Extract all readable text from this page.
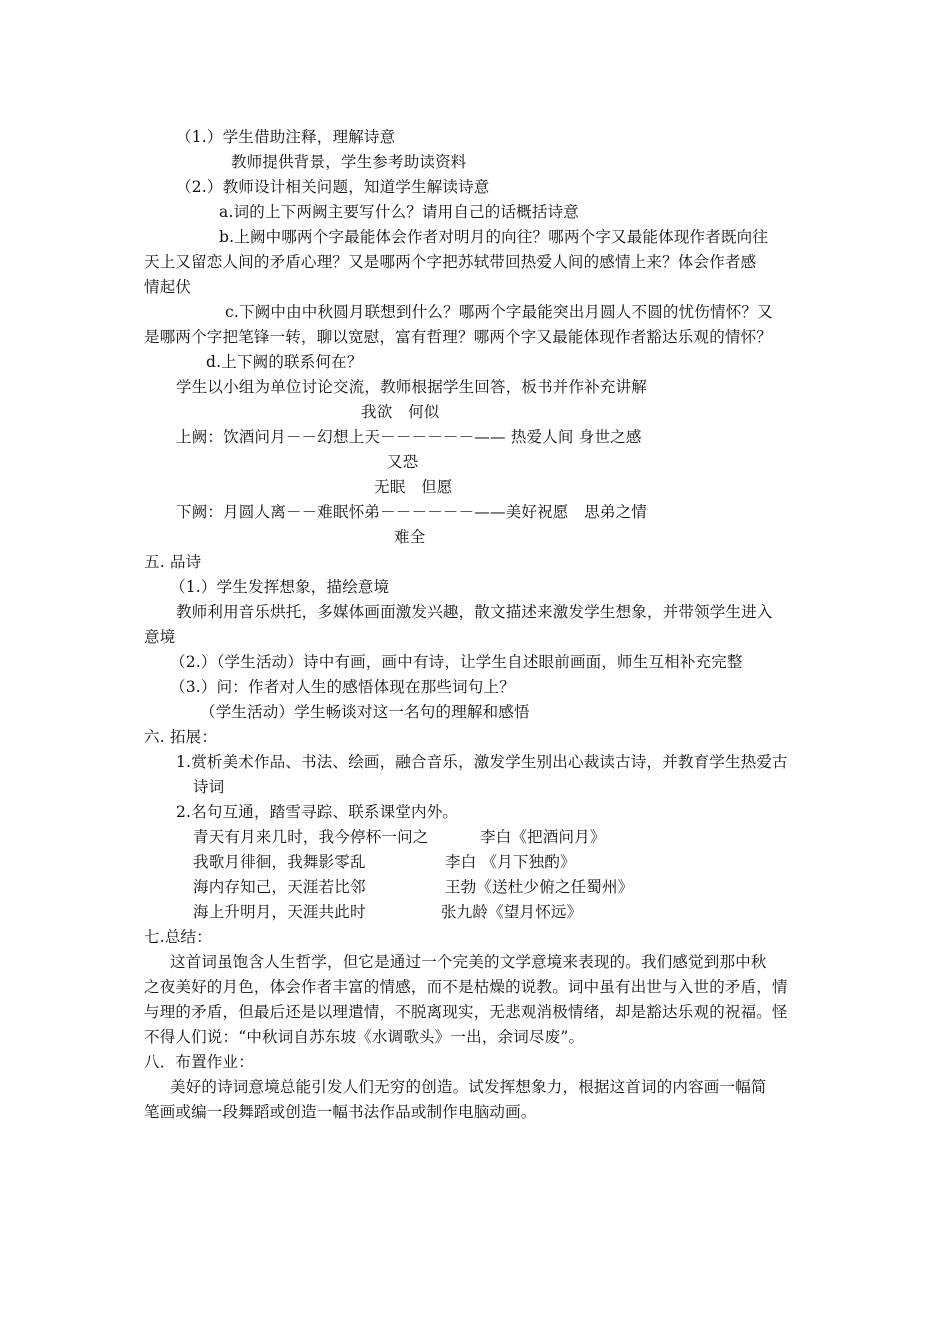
（1.）学生借助注释，理解诗意
教师提供背景，学生参考助读资料
（2.）教师设计相关问题，知道学生解读诗意
a.词的上下两阙主要写什么？请用自己的话概括诗意
b.上阙中哪两个字最能体会作者对明月的向往？哪两个字又最能体现作者既向往
天上又留恋人间的矛盾心理？又是哪两个字把苏轼带回热爱人间的感情上来？体会作者感
情起伏
c.下阙中由中秋圆月联想到什么？哪两个字最能突出月圆人不圆的忧伤情怀？又
是哪两个字把笔锋一转，聊以宽慰，富有哲理？哪两个字又最能体现作者豁达乐观的情怀？
d.上下阙的联系何在？
学生以小组为单位讨论交流，教师根据学生回答，板书并作补充讲解
我欲　何似
上阙：饮酒问月－－幻想上天－－－－－－—— 热爱人间 身世之感
又恐
无眠　但愿
下阙：月圆人离－－难眠怀弟－－－－－－——美好祝愿　思弟之情
难全
五. 品诗
（1.）学生发挥想象，描绘意境
教师利用音乐烘托，多媒体画面激发兴趣，散文描述来激发学生想象，并带领学生进入
意境
（2.）（学生活动）诗中有画，画中有诗，让学生自述眼前画面，师生互相补充完整
（3.）问：作者对人生的感悟体现在那些词句上？
（学生活动）学生畅谈对这一名句的理解和感悟
六. 拓展：
1.赏析美术作品、书法、绘画，融合音乐，激发学生别出心裁读古诗，并教育学生热爱古
诗词
2.名句互通，踏雪寻踪、联系课堂内外。
青天有月来几时，我今停杯一问之	李白《把酒问月》
我歌月徘徊，我舞影零乱	李白 《月下独酌》
海内存知己，天涯若比邻	王勃《送杜少俯之任蜀州》
海上升明月，天涯共此时	张九龄《望月怀远》
七.总结：
这首词虽饱含人生哲学，但它是通过一个完美的文学意境来表现的。我们感觉到那中秋
之夜美好的月色，体会作者丰富的情感，而不是枯燥的说教。词中虽有出世与入世的矛盾，情
与理的矛盾，但最后还是以理遣情，不脱离现实，无悲观消极情绪，却是豁达乐观的祝福。怪
不得人们说：“中秋词自苏东坡《水调歌头》一出，余词尽废”。
八．布置作业：
美好的诗词意境总能引发人们无穷的创造。试发挥想象力，根据这首词的内容画一幅简
笔画或编一段舞蹈或创造一幅书法作品或制作电脑动画。
